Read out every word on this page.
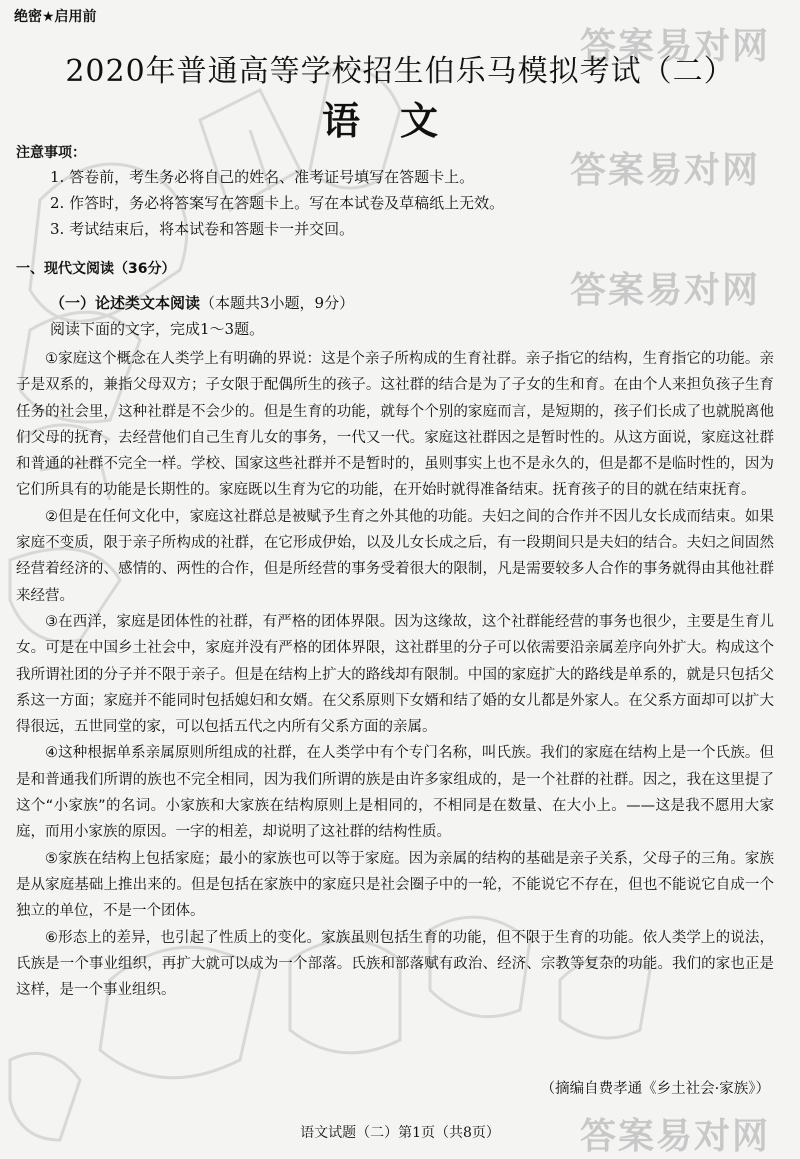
答案易对网
答案易对网
答案易对网
答案易对网
绝密★启用前
2020年普通高等学校招生伯乐马模拟考试（二）
语文
注意事项：
1. 答卷前，考生务必将自己的姓名、准考证号填写在答题卡上。
2. 作答时，务必将答案写在答题卡上。写在本试卷及草稿纸上无效。
3. 考试结束后，将本试卷和答题卡一并交回。
一、现代文阅读（36分）
（一）论述类文本阅读（本题共3小题，9分）
阅读下面的文字，完成1～3题。

①家庭这个概念在人类学上有明确的界说：这是个亲子所构成的生育社群。亲子指它的结构，生育指它的功能。亲子是双系的，兼指父母双方；子女限于配偶所生的孩子。这社群的结合是为了子女的生和育。在由个人来担负孩子生育任务的社会里，这种社群是不会少的。但是生育的功能，就每个个别的家庭而言，是短期的，孩子们长成了也就脱离他们父母的抚育，去经营他们自己生育儿女的事务，一代又一代。家庭这社群因之是暂时性的。从这方面说，家庭这社群和普通的社群不完全一样。学校、国家这些社群并不是暂时的，虽则事实上也不是永久的，但是都不是临时性的，因为它们所具有的功能是长期性的。家庭既以生育为它的功能，在开始时就得准备结束。抚育孩子的目的就在结束抚育。

②但是在任何文化中，家庭这社群总是被赋予生育之外其他的功能。夫妇之间的合作并不因儿女长成而结束。如果家庭不变质，限于亲子所构成的社群，在它形成伊始，以及儿女长成之后，有一段期间只是夫妇的结合。夫妇之间固然经营着经济的、感情的、两性的合作，但是所经营的事务受着很大的限制，凡是需要较多人合作的事务就得由其他社群来经营。

③在西洋，家庭是团体性的社群，有严格的团体界限。因为这缘故，这个社群能经营的事务也很少，主要是生育儿女。可是在中国乡土社会中，家庭并没有严格的团体界限，这社群里的分子可以依需要沿亲属差序向外扩大。构成这个我所谓社团的分子并不限于亲子。但是在结构上扩大的路线却有限制。中国的家庭扩大的路线是单系的，就是只包括父系这一方面；家庭并不能同时包括媳妇和女婿。在父系原则下女婿和结了婚的女儿都是外家人。在父系方面却可以扩大得很远，五世同堂的家，可以包括五代之内所有父系方面的亲属。

④这种根据单系亲属原则所组成的社群，在人类学中有个专门名称，叫氏族。我们的家庭在结构上是一个氏族。但是和普通我们所谓的族也不完全相同，因为我们所谓的族是由许多家组成的，是一个社群的社群。因之，我在这里提了这个“小家族”的名词。小家族和大家族在结构原则上是相同的，不相同是在数量、在大小上。——这是我不愿用大家庭，而用小家族的原因。一字的相差，却说明了这社群的结构性质。

⑤家族在结构上包括家庭；最小的家族也可以等于家庭。因为亲属的结构的基础是亲子关系，父母子的三角。家族是从家庭基础上推出来的。但是包括在家族中的家庭只是社会圈子中的一轮，不能说它不存在，但也不能说它自成一个独立的单位，不是一个团体。

⑥形态上的差异，也引起了性质上的变化。家族虽则包括生育的功能，但不限于生育的功能。依人类学上的说法，氏族是一个事业组织，再扩大就可以成为一个部落。氏族和部落赋有政治、经济、宗教等复杂的功能。我们的家也正是这样，是一个事业组织。

（摘编自费孝通《乡土社会·家族》）
语文试题（二）第1页（共8页）
